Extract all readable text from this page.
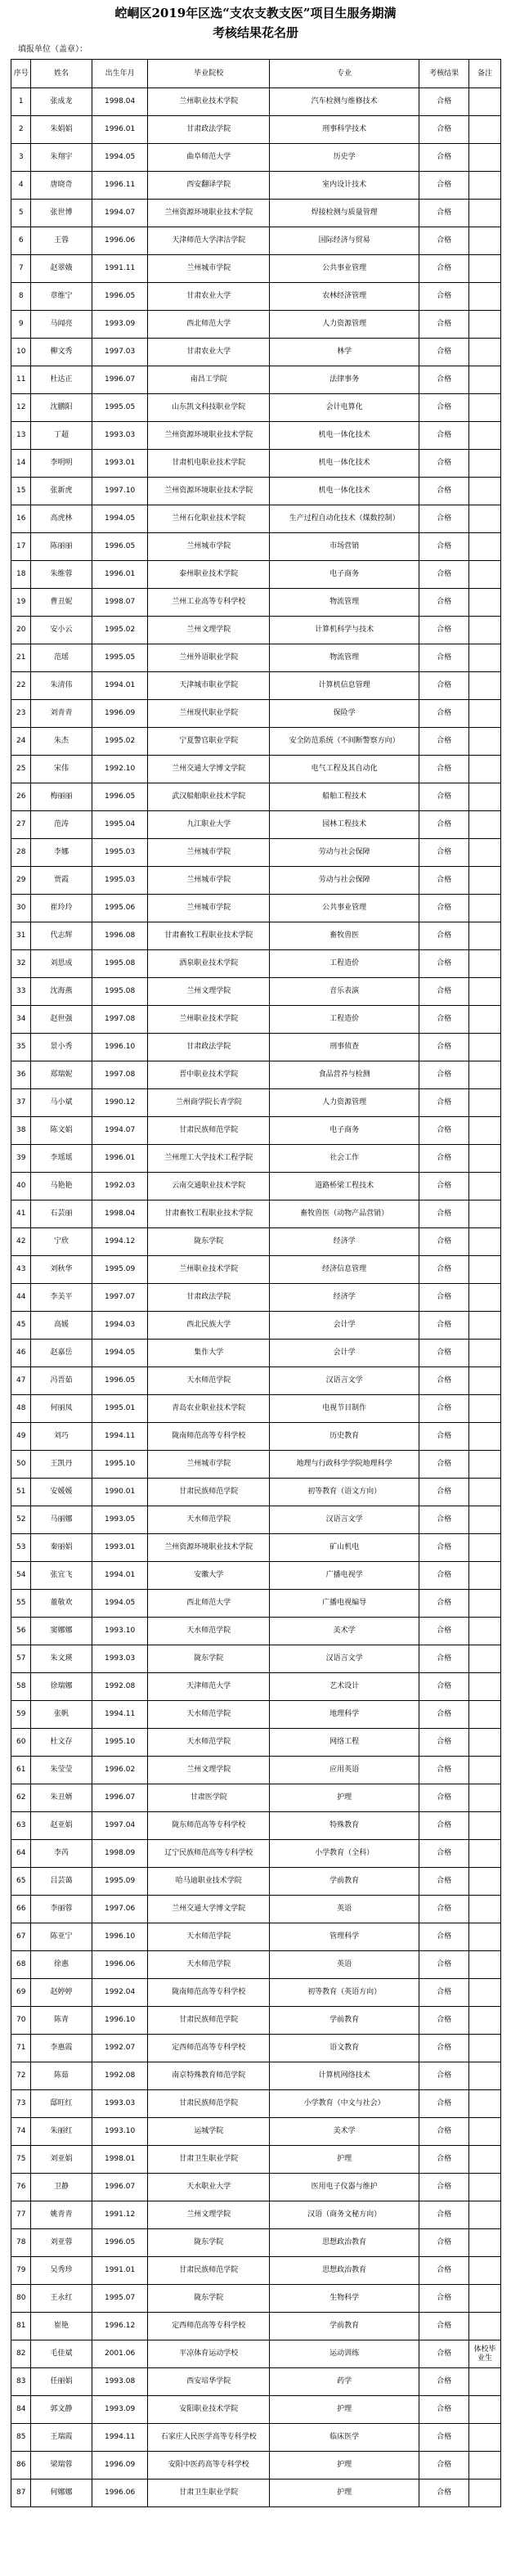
崆峒区2019年区选“支农支教支医”项目生服务期满
考核结果花名册
填报单位（盖章）：
序号	姓名	出生年月	毕业院校	专业	考核结果	备注
1	张成龙	1998.04	兰州职业技术学院	汽车检测与维修技术	合格	
2	朱娟娟	1996.01	甘肃政法学院	刑事科学技术	合格	
3	朱翔宇	1994.05	曲阜师范大学	历史学	合格	
4	唐晓奇	1996.11	西安翻译学院	室内设计技术	合格	
5	张世博	1994.07	兰州资源环境职业技术学院	焊接检测与质量管理	合格	
6	王蓉	1996.06	天津师范大学津沽学院	国际经济与贸易	合格	
7	赵翠娥	1991.11	兰州城市学院	公共事业管理	合格	
8	章维宁	1996.05	甘肃农业大学	农林经济管理	合格	
9	马闻亮	1993.09	西北师范大学	人力资源管理	合格	
10	柳文秀	1997.03	甘肃农业大学	林学	合格	
11	杜达正	1996.07	南昌工学院	法律事务	合格	
12	沈鹏阳	1995.05	山东凯文科技职业学院	会计电算化	合格	
13	丁超	1993.03	兰州资源环境职业技术学院	机电一体化技术	合格	
14	李明明	1993.01	甘肃机电职业技术学院	机电一体化技术	合格	
15	张新虎	1997.10	兰州资源环境职业技术学院	机电一体化技术	合格	
16	高虎林	1994.05	兰州石化职业技术学院	生产过程自动化技术（煤数控制）	合格	
17	陈丽丽	1996.05	兰州城市学院	市场营销	合格	
18	朱维蓉	1996.01	泰州职业技术学院	电子商务	合格	
19	曹丑妮	1998.07	兰州工业高等专科学校	物流管理	合格	
20	安小云	1995.02	兰州文理学院	计算机科学与技术	合格	
21	范瑶	1995.05	兰州外语职业学院	物流管理	合格	
22	朱清伟	1994.01	天津城市职业学院	计算机信息管理	合格	
23	刘青青	1996.09	兰州现代职业学院	保险学	合格	
24	朱杰	1995.02	宁夏警官职业学院	安全防范系统（不间断警察方向）	合格	
25	宋伟	1992.10	兰州交通大学博文学院	电气工程及其自动化	合格	
26	梅丽丽	1996.05	武汉船舶职业技术学院	船舶工程技术	合格	
27	范涛	1995.04	九江职业大学	园林工程技术	合格	
28	李娜	1995.03	兰州城市学院	劳动与社会保障	合格	
29	贾霞	1995.03	兰州城市学院	劳动与社会保障	合格	
30	崔玲玲	1995.06	兰州城市学院	公共事业管理	合格	
31	代志辉	1996.08	甘肃畜牧工程职业技术学院	畜牧兽医	合格	
32	刘思成	1995.08	酒泉职业技术学院	工程造价	合格	
33	沈海燕	1995.08	兰州文理学院	音乐表演	合格	
34	赵世强	1997.08	兰州职业技术学院	工程造价	合格	
35	景小秀	1996.10	甘肃政法学院	刑事侦查	合格	
36	郑瑞妮	1997.08	晋中职业技术学院	食品营养与检测	合格	
37	马小斌	1990.12	兰州商学院长青学院	人力资源管理	合格	
38	陈文娟	1994.07	甘肃民族师范学院	电子商务	合格	
39	李瑶瑶	1996.01	兰州理工大学技术工程学院	社会工作	合格	
40	马艳艳	1992.03	云南交通职业技术学院	道路桥梁工程技术	合格	
41	石芸丽	1998.04	甘肃畜牧工程职业技术学院	畜牧兽医（动物产品营销）	合格	
42	宁欣	1994.12	陇东学院	经济学	合格	
43	刘秋华	1995.09	兰州职业技术学院	经济信息管理	合格	
44	李美平	1997.07	甘肃政法学院	经济学	合格	
45	高媛	1994.03	西北民族大学	会计学	合格	
46	赵嘉岳	1994.05	集作大学	会计学	合格	
47	冯晋茹	1996.05	天水师范学院	汉语言文学	合格	
48	何丽凤	1995.01	青岛农业职业技术学院	电视节目制作	合格	
49	刘巧	1994.11	陇南师范高等专科学校	历史教育	合格	
50	王凯丹	1995.10	兰州城市学院	地理与行政科学学院地理科学	合格	
51	安媛媛	1990.01	甘肃民族师范学院	初等教育（语文方向）	合格	
52	马丽娜	1993.05	天水师范学院	汉语言文学	合格	
53	秦丽娟	1993.01	兰州资源环境职业技术学院	矿山机电	合格	
54	张宜飞	1994.01	安徽大学	广播电视学	合格	
55	董敬欢	1994.05	西北师范大学	广播电视编导	合格	
56	窦娜娜	1993.10	天水师范学院	美术学	合格	
57	朱文瑛	1993.03	陇东学院	汉语言文学	合格	
58	徐瑞娜	1992.08	天津师范大学	艺术设计	合格	
59	张帆	1994.11	天水师范学院	地理科学	合格	
60	杜文存	1995.10	天水师范学院	网络工程	合格	
61	朱莹莹	1996.02	兰州文理学院	应用英语	合格	
62	朱丑婿	1996.07	甘肃医学院	护理	合格	
63	赵亚娟	1997.04	陇东师范高等专科学校	特殊教育	合格	
64	李芮	1998.09	辽宁民族师范高等专科学校	小学教育（全科）	合格	
65	吕芸蔼	1995.09	哈马迪职业技术学院	学前教育	合格	
66	李丽蓉	1997.06	兰州交通大学博文学院	英语	合格	
67	陈亚宁	1996.10	天水师范学院	管理科学	合格	
68	徐惠	1996.06	天水师范学院	英语	合格	
69	赵婷婷	1992.04	陇南师范高等专科学校	初等教育（英语方向）	合格	
70	陈青	1996.10	甘肃民族师范学院	学前教育	合格	
71	李惠霞	1992.07	定西师范高等专科学校	语文教育	合格	
72	陈茹	1992.08	南京特殊教育师范学院	计算机网络技术	合格	
73	邸旺红	1993.03	甘肃民族师范学院	小学教育（中文与社会）	合格	
74	朱丽红	1993.10	运城学院	美术学	合格	
75	刘亚娟	1998.01	甘肃卫生职业学院	护理	合格	
76	卫静	1996.07	天水职业大学	医用电子仪器与维护	合格	
77	姚青青	1991.12	兰州文理学院	汉语（商务文秘方向）	合格	
78	刘亚蓉	1996.05	陇东学院	思想政治教育	合格	
79	吴秀珍	1991.01	甘肃民族师范学院	思想政治教育	合格	
80	王永红	1995.07	陇东学院	生物科学	合格	
81	崔艳	1996.12	定西师范高等专科学校	学前教育	合格	
82	毛佳斌	2001.06	平凉体育运动学校	运动训练	合格	体校毕业生
83	任丽娟	1993.08	西安培华学院	药学	合格	
84	郭文静	1993.09	安阳职业技术学院	护理	合格	
85	王瑞霞	1994.11	石家庄人民医学高等专科学校	临床医学	合格	
86	梁瑞蓉	1996.09	安阳中医药高等专科学校	护理	合格	
87	何娜娜	1996.06	甘肃卫生职业学院	护理	合格	
